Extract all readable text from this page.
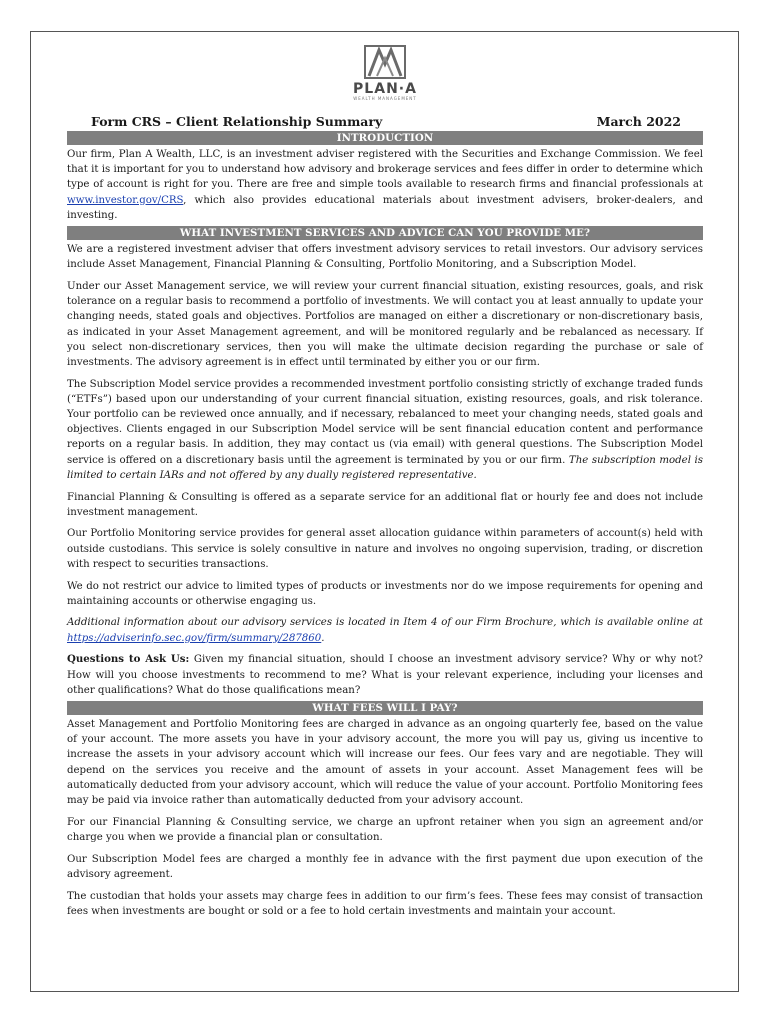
PLAN·A
WEALTH MANAGEMENT
Form CRS – Client Relationship Summary	March 2022
INTRODUCTION

Our firm, Plan A Wealth, LLC, is an investment adviser registered with the Securities and Exchange Commission. We feel that it is important for you to understand how advisory and brokerage services and fees differ in order to determine which type of account is right for you. There are free and simple tools available to research firms and financial professionals at www.investor.gov/CRS, which also provides educational materials about investment advisers, broker-dealers, and investing.

WHAT INVESTMENT SERVICES AND ADVICE CAN YOU PROVIDE ME?

We are a registered investment adviser that offers investment advisory services to retail investors. Our advisory services include Asset Management, Financial Planning & Consulting, Portfolio Monitoring, and a Subscription Model.

Under our Asset Management service, we will review your current financial situation, existing resources, goals, and risk tolerance on a regular basis to recommend a portfolio of investments. We will contact you at least annually to update your changing needs, stated goals and objectives. Portfolios are managed on either a discretionary or non-discretionary basis, as indicated in your Asset Management agreement, and will be monitored regularly and be rebalanced as necessary. If you select non-discretionary services, then you will make the ultimate decision regarding the purchase or sale of investments. The advisory agreement is in effect until terminated by either you or our firm.

The Subscription Model service provides a recommended investment portfolio consisting strictly of exchange traded funds (“ETFs”) based upon our understanding of your current financial situation, existing resources, goals, and risk tolerance. Your portfolio can be reviewed once annually, and if necessary, rebalanced to meet your changing needs, stated goals and objectives. Clients engaged in our Subscription Model service will be sent financial education content and performance reports on a regular basis. In addition, they may contact us (via email) with general questions. The Subscription Model service is offered on a discretionary basis until the agreement is terminated by you or our firm. The subscription model is limited to certain IARs and not offered by any dually registered representative.

Financial Planning & Consulting is offered as a separate service for an additional flat or hourly fee and does not include investment management.

Our Portfolio Monitoring service provides for general asset allocation guidance within parameters of account(s) held with outside custodians. This service is solely consultive in nature and involves no ongoing supervision, trading, or discretion with respect to securities transactions.

We do not restrict our advice to limited types of products or investments nor do we impose requirements for opening and maintaining accounts or otherwise engaging us.

Additional information about our advisory services is located in Item 4 of our Firm Brochure, which is available online at https://adviserinfo.sec.gov/firm/summary/287860.

Questions to Ask Us: Given my financial situation, should I choose an investment advisory service? Why or why not? How will you choose investments to recommend to me? What is your relevant experience, including your licenses and other qualifications? What do those qualifications mean?

WHAT FEES WILL I PAY?

Asset Management and Portfolio Monitoring fees are charged in advance as an ongoing quarterly fee, based on the value of your account. The more assets you have in your advisory account, the more you will pay us, giving us incentive to increase the assets in your advisory account which will increase our fees. Our fees vary and are negotiable. They will depend on the services you receive and the amount of assets in your account. Asset Management fees will be automatically deducted from your advisory account, which will reduce the value of your account. Portfolio Monitoring fees may be paid via invoice rather than automatically deducted from your advisory account.

For our Financial Planning & Consulting service, we charge an upfront retainer when you sign an agreement and/or charge you when we provide a financial plan or consultation.

Our Subscription Model fees are charged a monthly fee in advance with the first payment due upon execution of the advisory agreement.

The custodian that holds your assets may charge fees in addition to our firm’s fees. These fees may consist of transaction fees when investments are bought or sold or a fee to hold certain investments and maintain your account.
